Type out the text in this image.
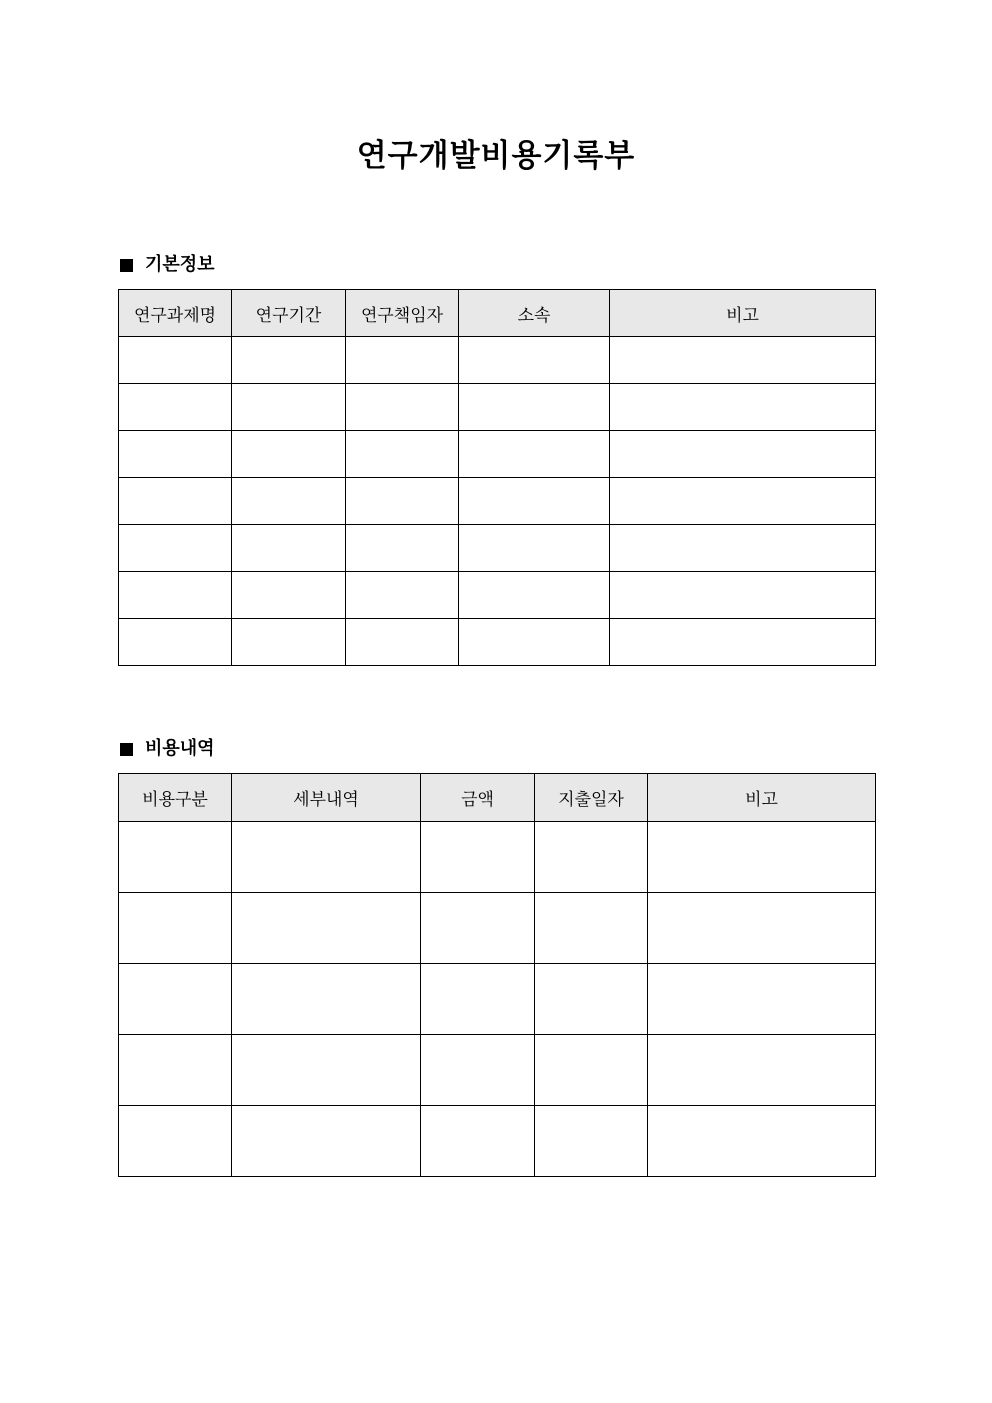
연구개발비용기록부
기본정보
연구과제명	연구기간	연구책임자	소속	비고

비용내역
비용구분	세부내역	금액	지출일자	비고
